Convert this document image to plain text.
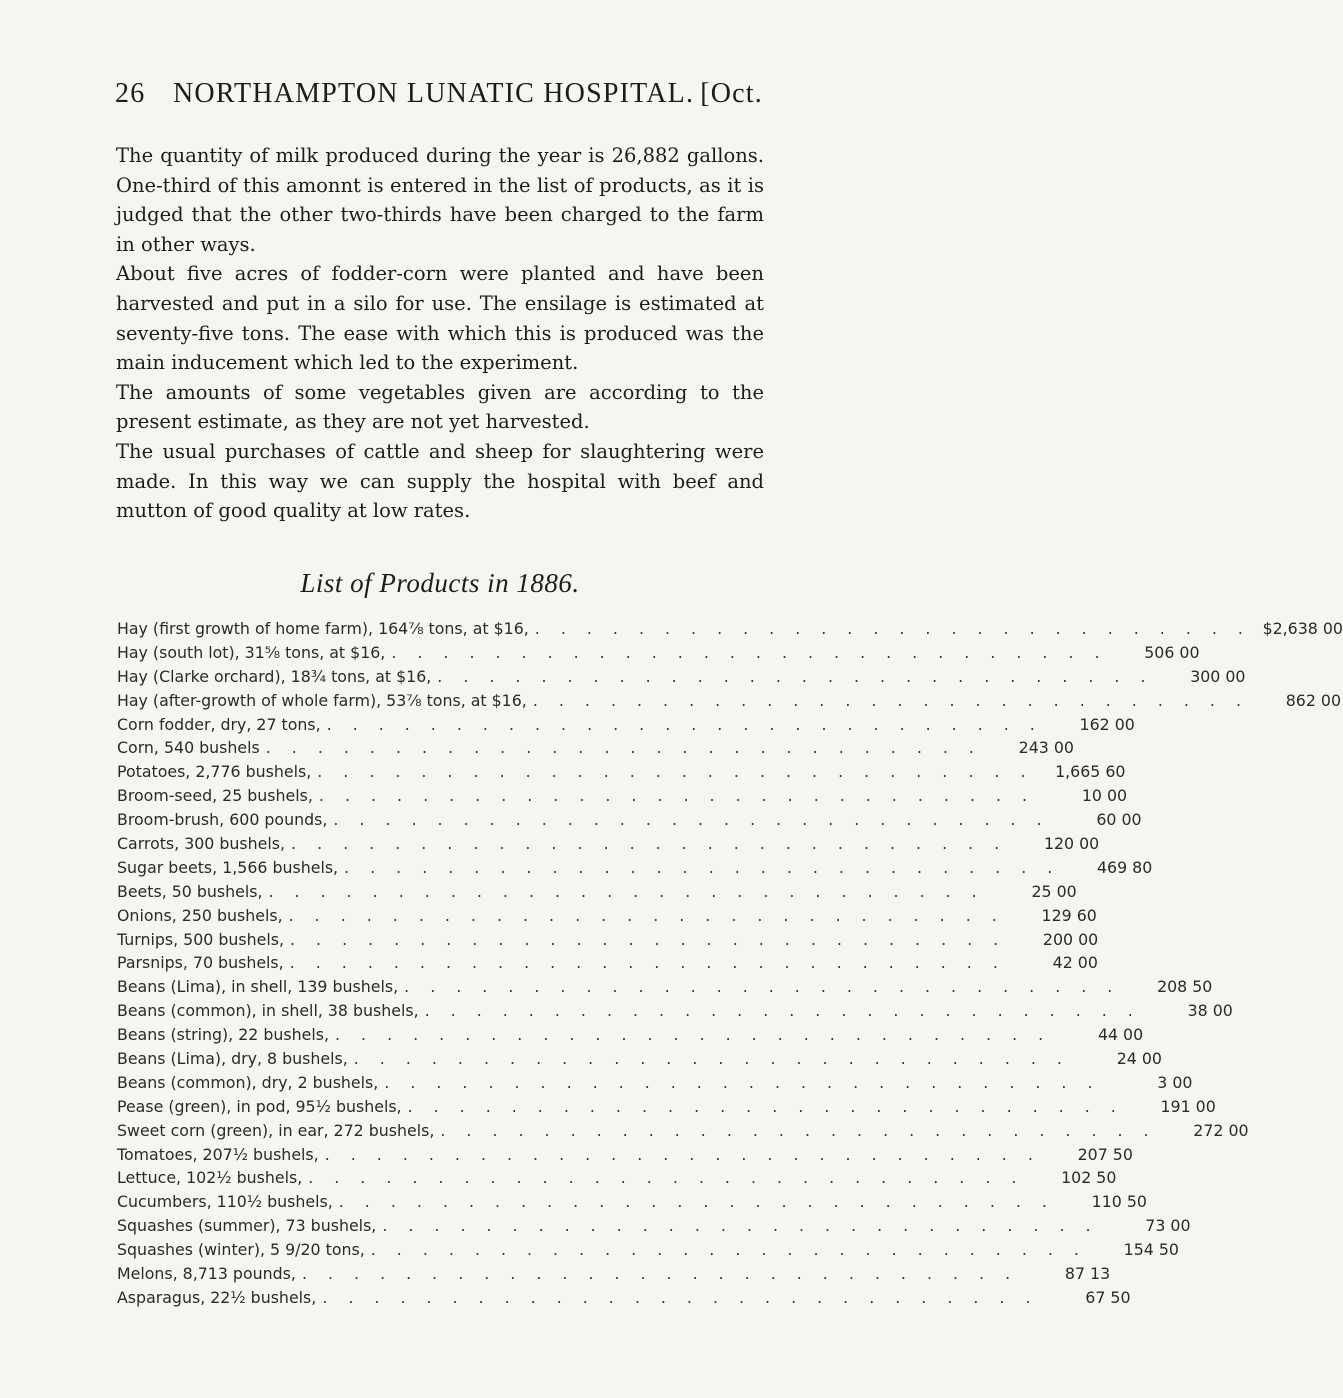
26 NORTHAMPTON LUNATIC HOSPITAL. [Oct.

The quantity of milk produced during the year is 26,882 gallons. One-third of this amonnt is entered in the list of products, as it is judged that the other two-thirds have been charged to the farm in other ways.

About five acres of fodder-corn were planted and have been harvested and put in a silo for use. The ensilage is estimated at seventy-five tons. The ease with which this is produced was the main inducement which led to the experiment.

The amounts of some vegetables given are according to the present estimate, as they are not yet harvested.

The usual purchases of cattle and sheep for slaughtering were made. In this way we can supply the hospital with beef and mutton of good quality at low rates.

List of Products in 1886.
Hay (first growth of home farm), 164⅞ tons, at $16, . . . . . . . . . . . . . . . . . . . . . . . . . . . . $2,638 00
Hay (south lot), 31⅝ tons, at $16, . . . . . . . . . . . . . . . . . . . . . . . . . . . .	506 00
Hay (Clarke orchard), 18¾ tons, at $16, . . . . . . . . . . . . . . . . . . . . . . . . . . . .	300 00
Hay (after-growth of whole farm), 53⅞ tons, at $16, . . . . . . . . . . . . . . . . . . . . . . . . . . . .	862 00
Corn fodder, dry, 27 tons, . . . . . . . . . . . . . . . . . . . . . . . . . . . .	162 00
Corn, 540 bushels . . . . . . . . . . . . . . . . . . . . . . . . . . . .	243 00
Potatoes, 2,776 bushels, . . . . . . . . . . . . . . . . . . . . . . . . . . . .	1,665 60
Broom-seed, 25 bushels, . . . . . . . . . . . . . . . . . . . . . . . . . . . .	10 00
Broom-brush, 600 pounds, . . . . . . . . . . . . . . . . . . . . . . . . . . . .	60 00
Carrots, 300 bushels, . . . . . . . . . . . . . . . . . . . . . . . . . . . .	120 00
Sugar beets, 1,566 bushels, . . . . . . . . . . . . . . . . . . . . . . . . . . . .	469 80
Beets, 50 bushels, . . . . . . . . . . . . . . . . . . . . . . . . . . . .	25 00
Onions, 250 bushels, . . . . . . . . . . . . . . . . . . . . . . . . . . . .	129 60
Turnips, 500 bushels, . . . . . . . . . . . . . . . . . . . . . . . . . . . .	200 00
Parsnips, 70 bushels, . . . . . . . . . . . . . . . . . . . . . . . . . . . .	42 00
Beans (Lima), in shell, 139 bushels, . . . . . . . . . . . . . . . . . . . . . . . . . . . .	208 50
Beans (common), in shell, 38 bushels, . . . . . . . . . . . . . . . . . . . . . . . . . . . .	38 00
Beans (string), 22 bushels, . . . . . . . . . . . . . . . . . . . . . . . . . . . .	44 00
Beans (Lima), dry, 8 bushels, . . . . . . . . . . . . . . . . . . . . . . . . . . . .	24 00
Beans (common), dry, 2 bushels, . . . . . . . . . . . . . . . . . . . . . . . . . . . .	3 00
Pease (green), in pod, 95½ bushels, . . . . . . . . . . . . . . . . . . . . . . . . . . . .	191 00
Sweet corn (green), in ear, 272 bushels, . . . . . . . . . . . . . . . . . . . . . . . . . . . .	272 00
Tomatoes, 207½ bushels, . . . . . . . . . . . . . . . . . . . . . . . . . . . .	207 50
Lettuce, 102½ bushels, . . . . . . . . . . . . . . . . . . . . . . . . . . . .	102 50
Cucumbers, 110½ bushels, . . . . . . . . . . . . . . . . . . . . . . . . . . . .	110 50
Squashes (summer), 73 bushels, . . . . . . . . . . . . . . . . . . . . . . . . . . . .	73 00
Squashes (winter), 5 9/20 tons, . . . . . . . . . . . . . . . . . . . . . . . . . . . .	154 50
Melons, 8,713 pounds, . . . . . . . . . . . . . . . . . . . . . . . . . . . .	87 13
Asparagus, 22½ bushels, . . . . . . . . . . . . . . . . . . . . . . . . . . . .	67 50
